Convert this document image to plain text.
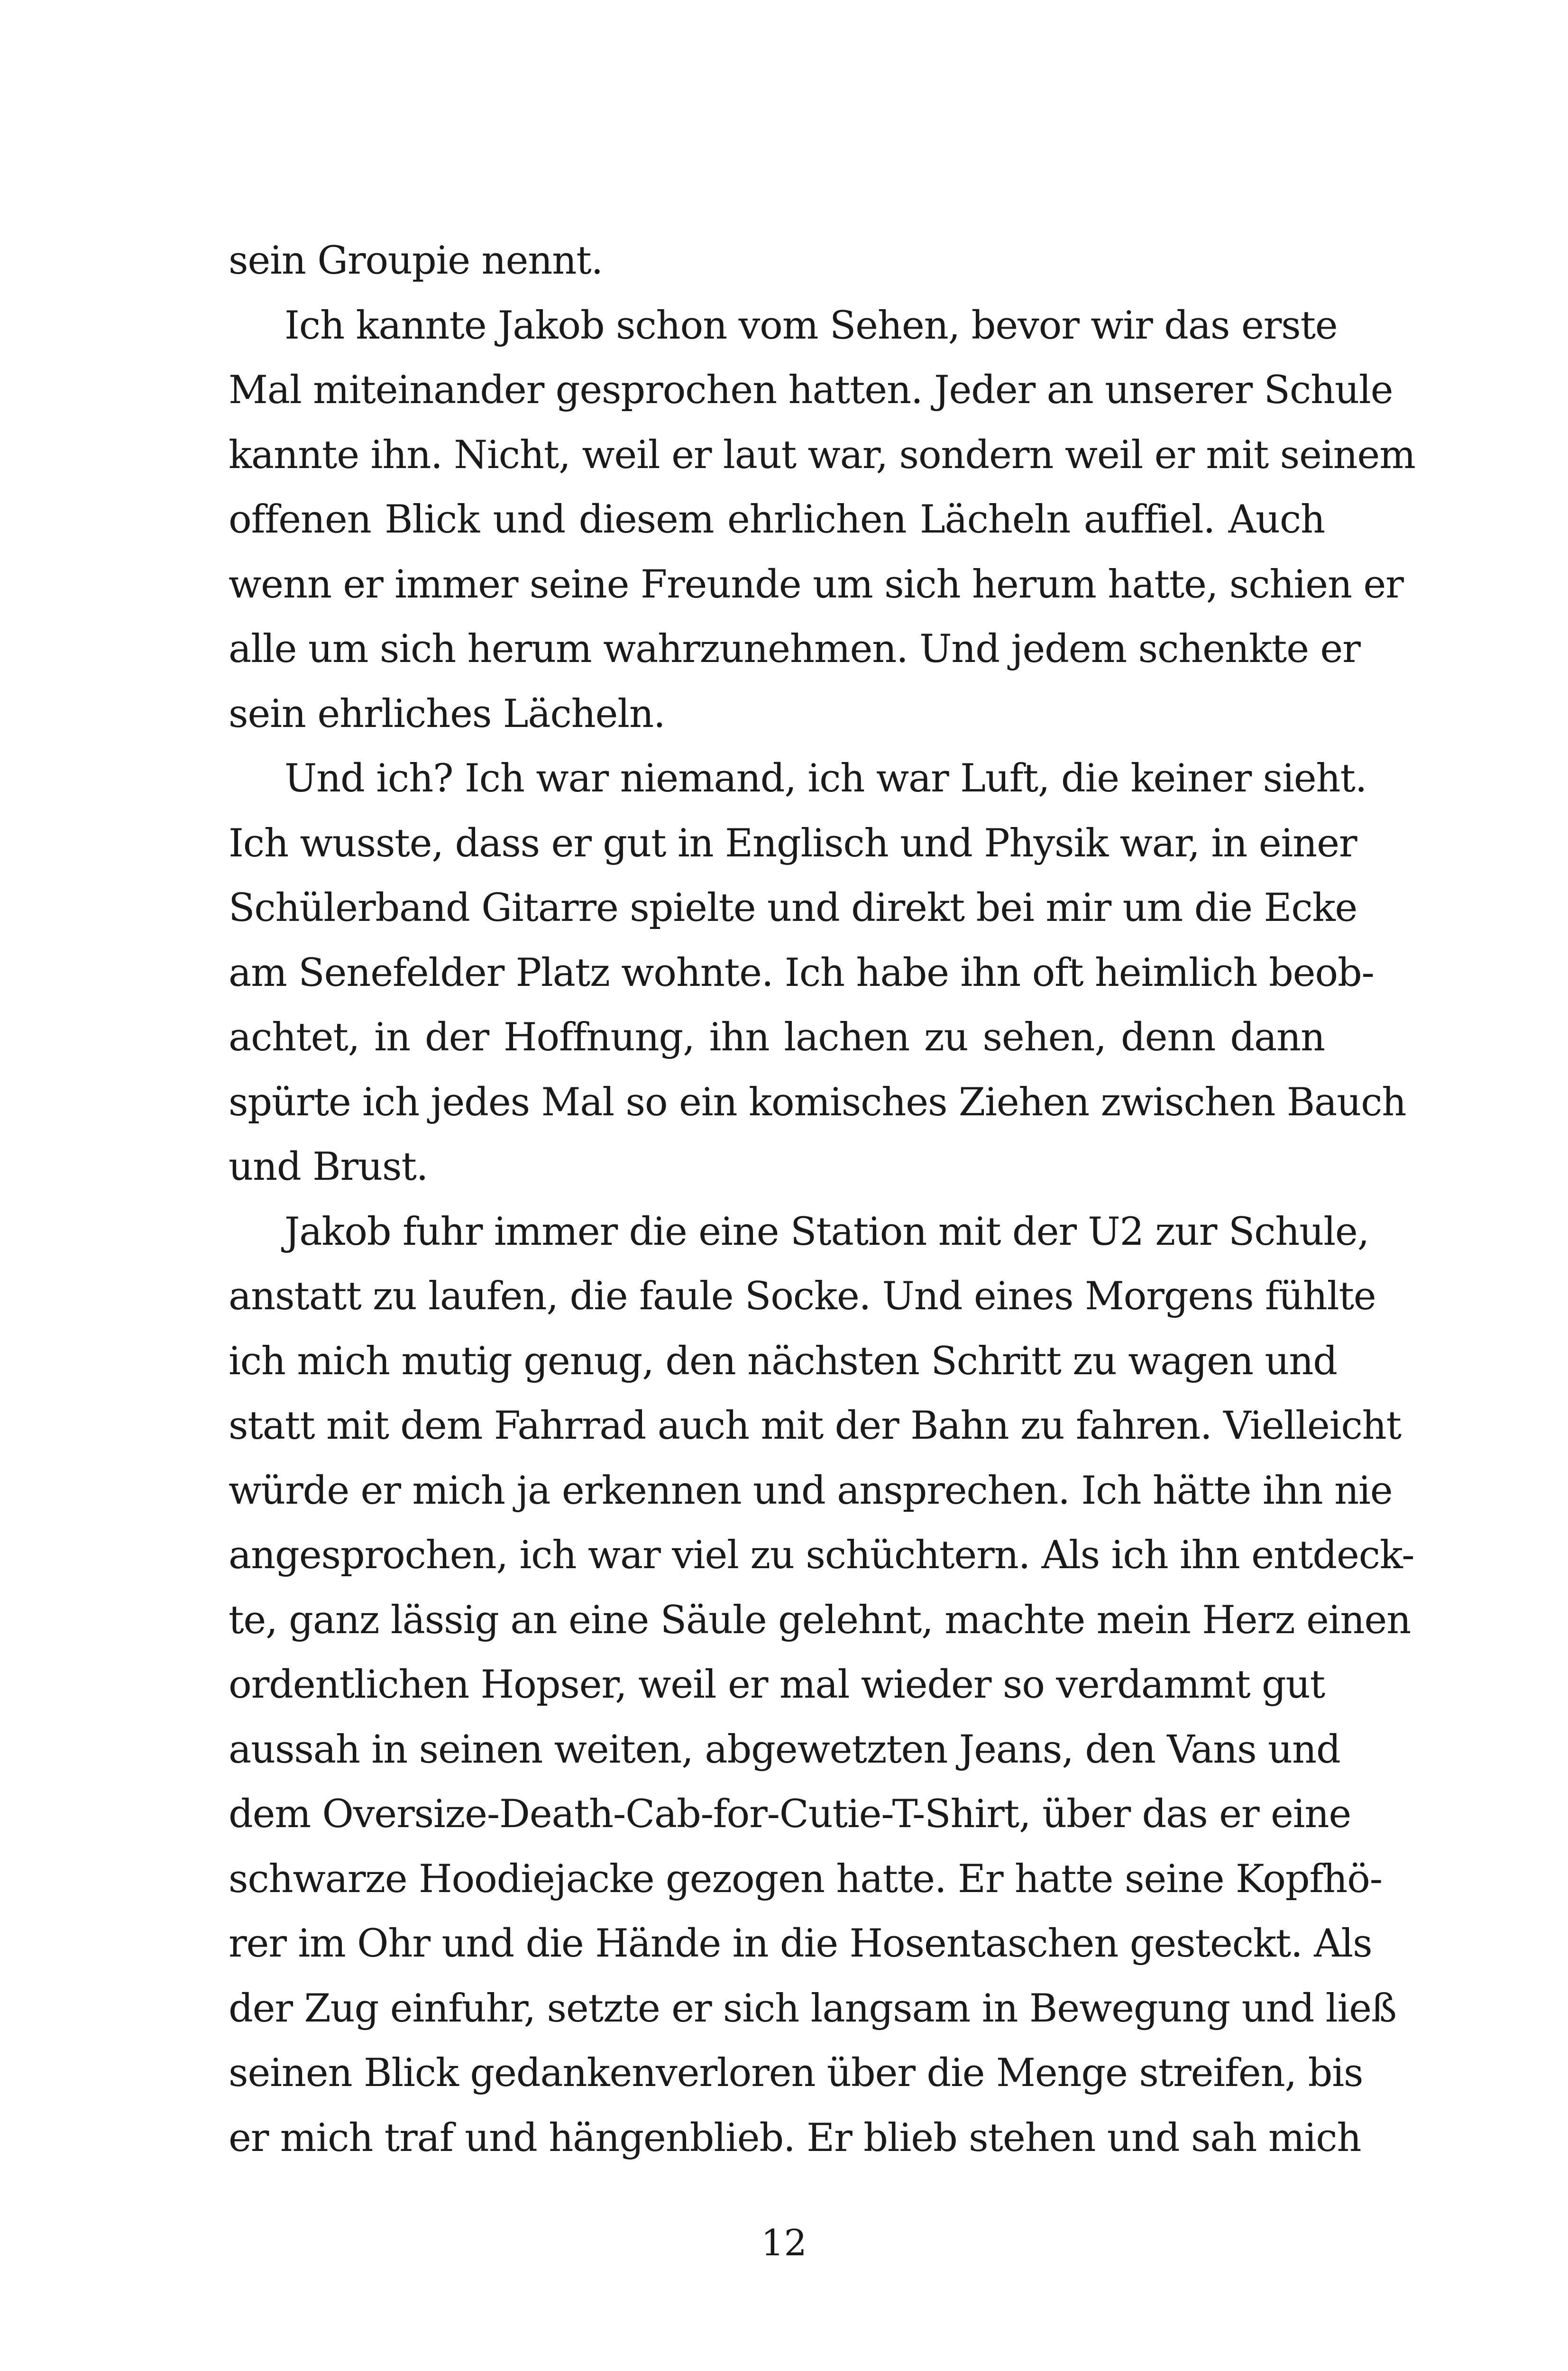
sein Groupie nennt.
Ich kannte Jakob schon vom Sehen, bevor wir das erste
Mal miteinander gesprochen hatten. Jeder an unserer Schule
kannte ihn. Nicht, weil er laut war, sondern weil er mit seinem
offenen Blick und diesem ehrlichen Lächeln auffiel. Auch
wenn er immer seine Freunde um sich herum hatte, schien er
alle um sich herum wahrzunehmen. Und jedem schenkte er
sein ehrliches Lächeln.
Und ich? Ich war niemand, ich war Luft, die keiner sieht.
Ich wusste, dass er gut in Englisch und Physik war, in einer
Schülerband Gitarre spielte und direkt bei mir um die Ecke
am Senefelder Platz wohnte. Ich habe ihn oft heimlich beob-
achtet, in der Hoffnung, ihn lachen zu sehen, denn dann
spürte ich jedes Mal so ein komisches Ziehen zwischen Bauch
und Brust.
Jakob fuhr immer die eine Station mit der U2 zur Schule,
anstatt zu laufen, die faule Socke. Und eines Morgens fühlte
ich mich mutig genug, den nächsten Schritt zu wagen und
statt mit dem Fahrrad auch mit der Bahn zu fahren. Vielleicht
würde er mich ja erkennen und ansprechen. Ich hätte ihn nie
angesprochen, ich war viel zu schüchtern. Als ich ihn entdeck-
te, ganz lässig an eine Säule gelehnt, machte mein Herz einen
ordentlichen Hopser, weil er mal wieder so verdammt gut
aussah in seinen weiten, abgewetzten Jeans, den Vans und
dem Oversize-Death-Cab-for-Cutie-T-Shirt, über das er eine
schwarze Hoodiejacke gezogen hatte. Er hatte seine Kopfhö-
rer im Ohr und die Hände in die Hosentaschen gesteckt. Als
der Zug einfuhr, setzte er sich langsam in Bewegung und ließ
seinen Blick gedankenverloren über die Menge streifen, bis
er mich traf und hängenblieb. Er blieb stehen und sah mich
12
